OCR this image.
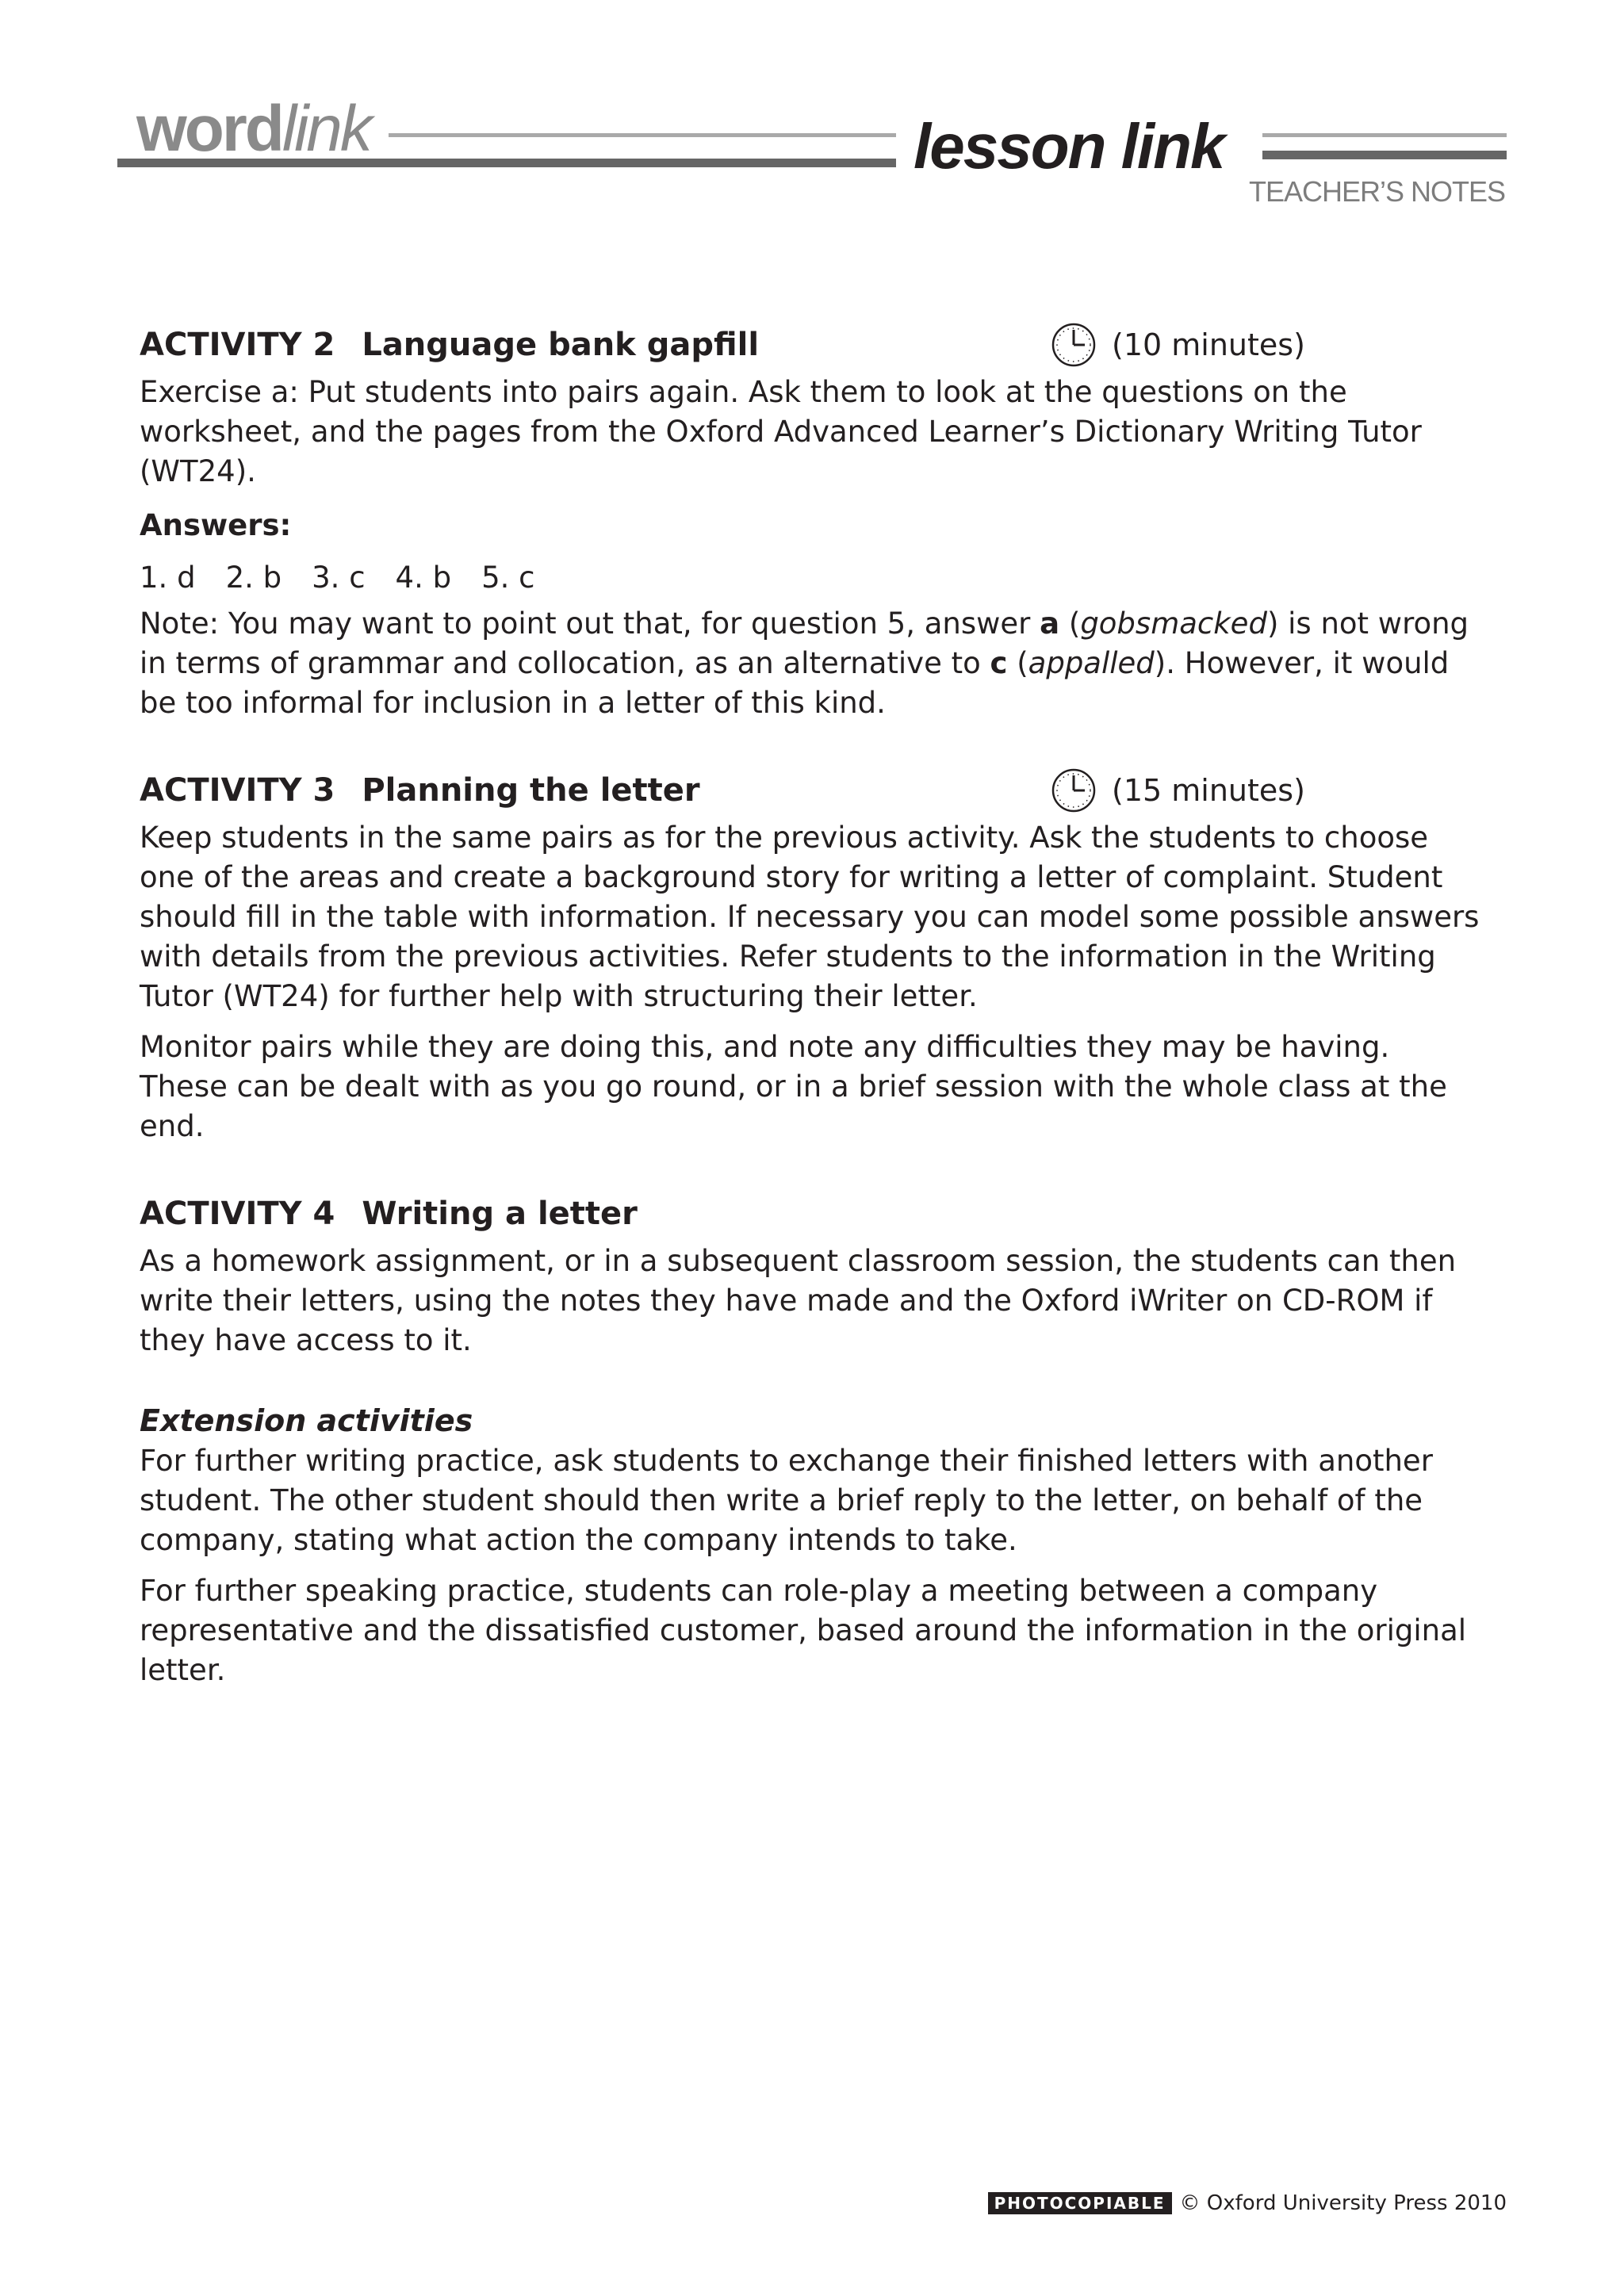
wordlink	lesson link
TEACHER’S NOTES
ACTIVITY 2 Language bank gapfill	(10 minutes)

Exercise a: Put students into pairs again. Ask them to look at the questions on the worksheet, and the pages from the Oxford Advanced Learner’s Dictionary Writing Tutor (WT24).

Answers:
1. d 2. b 3. c 4. b 5. c

Note: You may want to point out that, for question 5, answer a (gobsmacked) is not wrong in terms of grammar and collocation, as an alternative to c (appalled). However, it would be too informal for inclusion in a letter of this kind.

ACTIVITY 3 Planning the letter	(15 minutes)

Keep students in the same pairs as for the previous activity. Ask the students to choose one of the areas and create a background story for writing a letter of complaint. Student should fill in the table with information. If necessary you can model some possible answers with details from the previous activities. Refer students to the information in the Writing Tutor (WT24) for further help with structuring their letter.

Monitor pairs while they are doing this, and note any difficulties they may be having. These can be dealt with as you go round, or in a brief session with the whole class at the end.

ACTIVITY 4 Writing a letter

As a homework assignment, or in a subsequent classroom session, the students can then write their letters, using the notes they have made and the Oxford iWriter on CD-ROM if they have access to it.

Extension activities

For further writing practice, ask students to exchange their finished letters with another student. The other student should then write a brief reply to the letter, on behalf of the company, stating what action the company intends to take.

For further speaking practice, students can role-play a meeting between a company representative and the dissatisfied customer, based around the information in the original letter.

PHOTOCOPIABLE © Oxford University Press 2010
